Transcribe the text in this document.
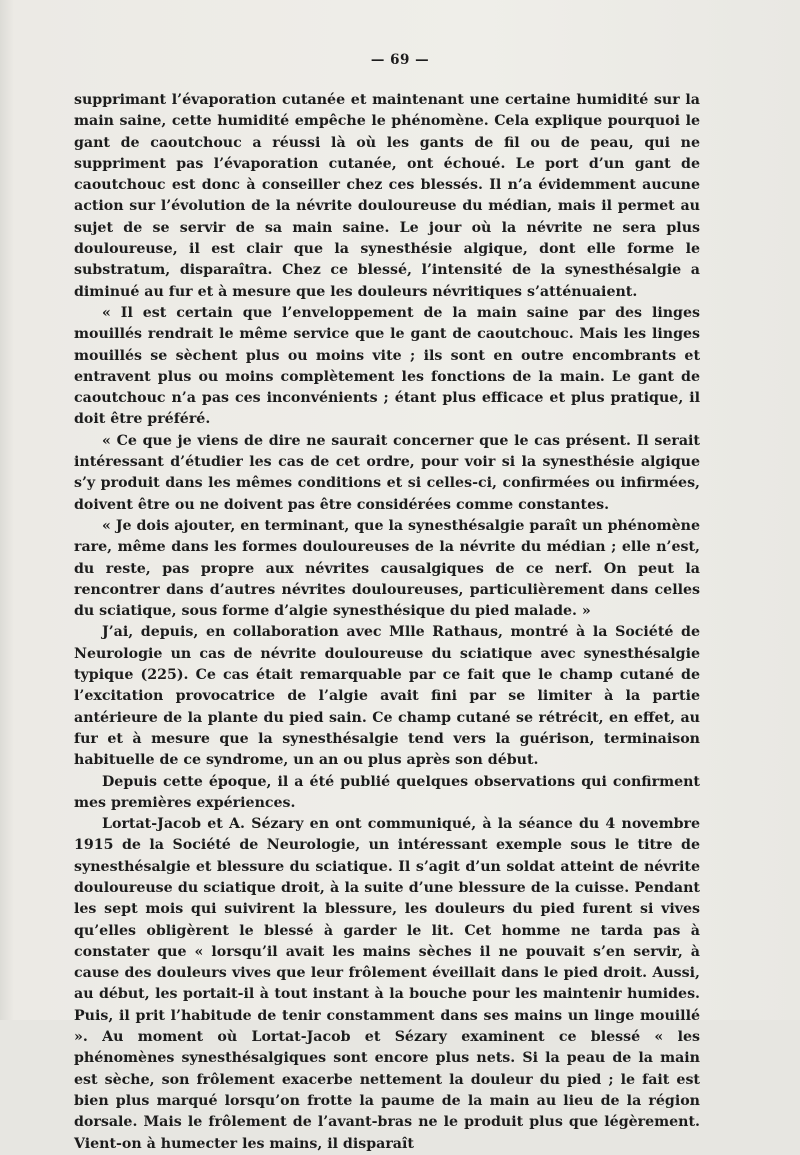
— 69 —

supprimant l’évaporation cutanée et maintenant une certaine humidité sur la main saine, cette humidité empêche le phénomène. Cela explique pourquoi le gant de caoutchouc a réussi là où les gants de fil ou de peau, qui ne suppriment pas l’évaporation cutanée, ont échoué. Le port d’un gant de caoutchouc est donc à conseiller chez ces blessés. Il n’a évidemment aucune action sur l’évolution de la névrite douloureuse du médian, mais il permet au sujet de se servir de sa main saine. Le jour où la névrite ne sera plus douloureuse, il est clair que la synesthésie algique, dont elle forme le substratum, disparaîtra. Chez ce blessé, l’intensité de la synesthésalgie a diminué au fur et à mesure que les douleurs névritiques s’atténuaient.

« Il est certain que l’enveloppement de la main saine par des linges mouillés rendrait le même service que le gant de caoutchouc. Mais les linges mouillés se sèchent plus ou moins vite ; ils sont en outre encombrants et entravent plus ou moins complètement les fonctions de la main. Le gant de caoutchouc n’a pas ces inconvénients ; étant plus efficace et plus pratique, il doit être préféré.

« Ce que je viens de dire ne saurait concerner que le cas présent. Il serait intéressant d’étudier les cas de cet ordre, pour voir si la synesthésie algique s’y produit dans les mêmes conditions et si celles-ci, confirmées ou infirmées, doivent être ou ne doivent pas être considérées comme constantes.

« Je dois ajouter, en terminant, que la synesthésalgie paraît un phénomène rare, même dans les formes douloureuses de la névrite du médian ; elle n’est, du reste, pas propre aux névrites causalgiques de ce nerf. On peut la rencontrer dans d’autres névrites douloureuses, particulièrement dans celles du sciatique, sous forme d’algie synesthésique du pied malade. »

J’ai, depuis, en collaboration avec Mlle Rathaus, montré à la Société de Neurologie un cas de névrite douloureuse du sciatique avec synesthésalgie typique (225). Ce cas était remarquable par ce fait que le champ cutané de l’excitation provocatrice de l’algie avait fini par se limiter à la partie antérieure de la plante du pied sain. Ce champ cutané se rétrécit, en effet, au fur et à mesure que la synesthésalgie tend vers la guérison, terminaison habituelle de ce syndrome, un an ou plus après son début.

Depuis cette époque, il a été publié quelques observations qui confirment mes premières expériences.

Lortat-Jacob et A. Sézary en ont communiqué, à la séance du 4 novembre 1915 de la Société de Neurologie, un intéressant exemple sous le titre de synesthésalgie et blessure du sciatique. Il s’agit d’un soldat atteint de névrite douloureuse du sciatique droit, à la suite d’une blessure de la cuisse. Pendant les sept mois qui suivirent la blessure, les douleurs du pied furent si vives qu’elles obligèrent le blessé à garder le lit. Cet homme ne tarda pas à constater que « lorsqu’il avait les mains sèches il ne pouvait s’en servir, à cause des douleurs vives que leur frôlement éveillait dans le pied droit. Aussi, au début, les portait-il à tout instant à la bouche pour les maintenir humides. Puis, il prit l’habitude de tenir constamment dans ses mains un linge mouillé ». Au moment où Lortat-Jacob et Sézary examinent ce blessé « les phénomènes synesthésalgiques sont encore plus nets. Si la peau de la main est sèche, son frôlement exacerbe nettement la douleur du pied ; le fait est bien plus marqué lorsqu’on frotte la paume de la main au lieu de la région dorsale. Mais le frôlement de l’avant-bras ne le produit plus que légèrement. Vient-on à humecter les mains, il disparaît
